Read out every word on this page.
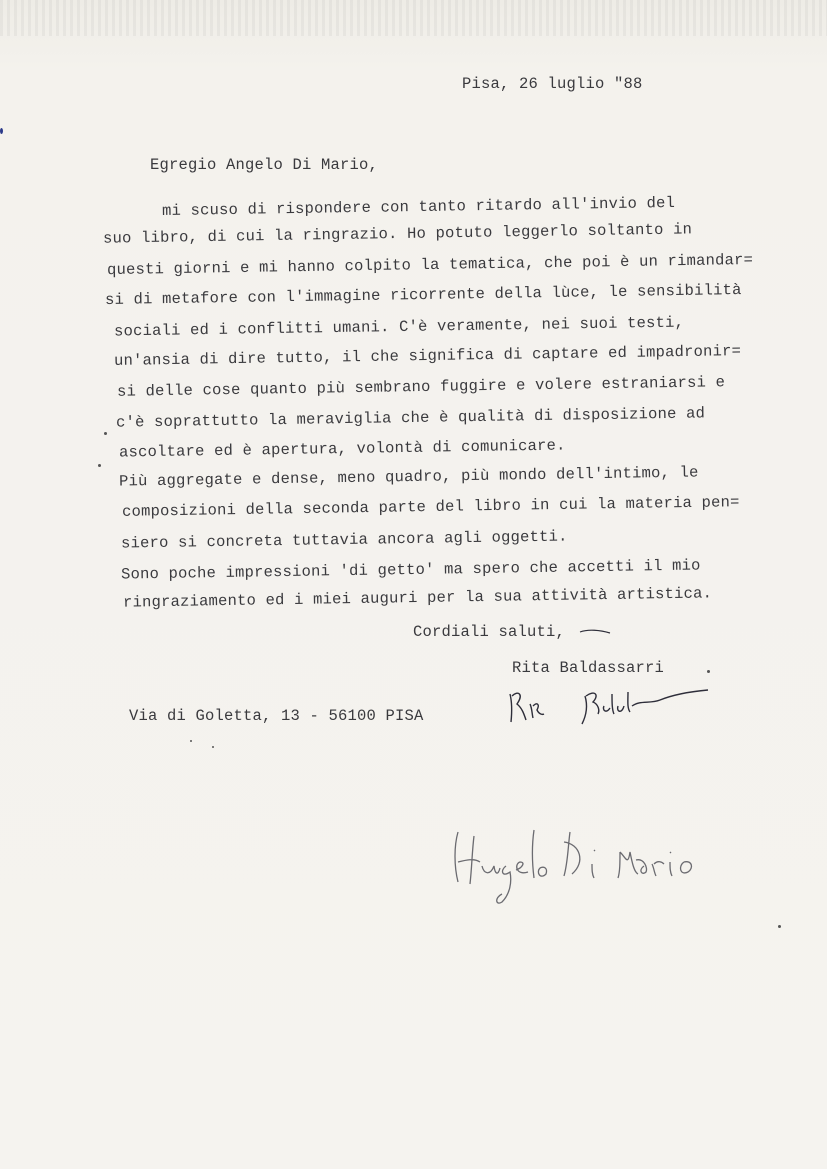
Pisa, 26 luglio "88
Egregio Angelo Di Mario,
mi scuso di rispondere con tanto ritardo all'invio del
suo libro, di cui la ringrazio. Ho potuto leggerlo soltanto in
questi giorni e mi hanno colpito la tematica, che poi è un rimandar=
si di metafore con l'immagine ricorrente della lùce, le sensibilità
sociali ed i conflitti umani. C'è veramente, nei suoi testi,
un'ansia di dire tutto, il che significa di captare ed impadronir=
si delle cose quanto più sembrano fuggire e volere estraniarsi e
c'è soprattutto la meraviglia che è qualità di disposizione ad
ascoltare ed è apertura, volontà di comunicare.
Più aggregate e dense, meno quadro, più mondo dell'intimo, le
composizioni della seconda parte del libro in cui la materia pen=
siero si concreta tuttavia ancora agli oggetti.
Sono poche impressioni 'di getto' ma spero che accetti il mio
ringraziamento ed i miei auguri per la sua attività artistica.
Cordiali saluti,
Rita Baldassarri
Via di Goletta, 13 - 56100 PISA
